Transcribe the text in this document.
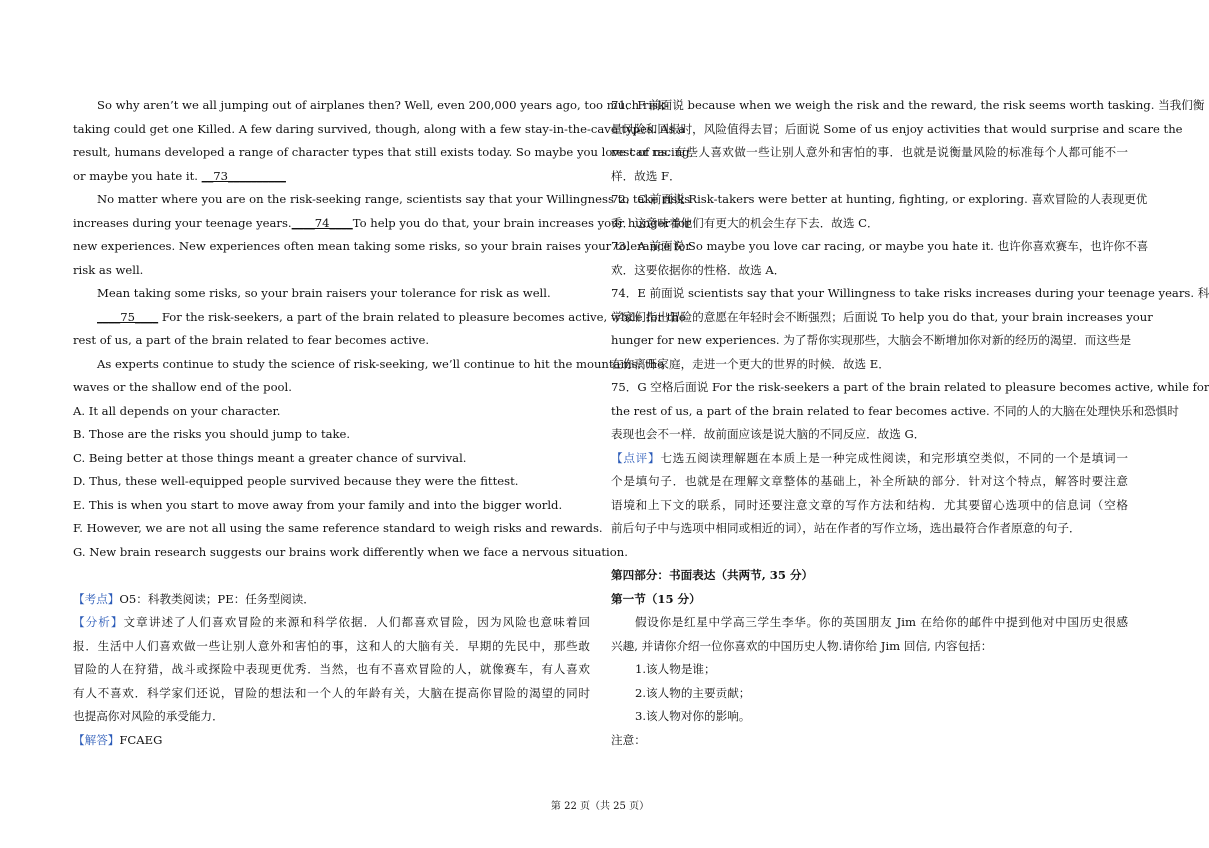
So why aren’t we all jumping out of airplanes then? Well, even 200,000 years ago, too much risk-
taking could get one Killed. A few daring survived, though, along with a few stay-in-the-cave types. As a
result, humans developed a range of character types that still exists today. So maybe you love car racing,
or maybe you hate it. __73__________
No matter where you are on the risk-seeking range, scientists say that your Willingness to take risks
increases during your teenage years.____74____To help you do that, your brain increases your hunger for
new experiences. New experiences often mean taking some risks, so your brain raises your tolerance for
risk as well.
Mean taking some risks, so your brain raisers your tolerance for risk as well.
____75____ For the risk-seekers, a part of the brain related to pleasure becomes active, while for the
rest of us, a part of the brain related to fear becomes active.
As experts continue to study the science of risk-seeking, we’ll continue to hit the mountains, the
waves or the shallow end of the pool.
A. It all depends on your character.
B. Those are the risks you should jump to take.
C. Being better at those things meant a greater chance of survival.
D. Thus, these well-equipped people survived because they were the fittest.
E. This is when you start to move away from your family and into the bigger world.
F. However, we are not all using the same reference standard to weigh risks and rewards.
G. New brain research suggests our brains work differently when we face a nervous situation.
【考点】O5：科教类阅读；PE：任务型阅读．
【分析】文章讲述了人们喜欢冒险的来源和科学依据．人们都喜欢冒险，因为风险也意味着回
报．生活中人们喜欢做一些让别人意外和害怕的事，这和人的大脑有关．早期的先民中，那些敢
冒险的人在狩猎，战斗或探险中表现更优秀．当然，也有不喜欢冒险的人，就像赛车，有人喜欢
有人不喜欢．科学家们还说，冒险的想法和一个人的年龄有关，大脑在提高你冒险的渴望的同时
也提高你对风险的承受能力．
【解答】FCAEG
71．F 前面说 because when we weigh the risk and the reward, the risk seems worth tasking. 当我们衡
量风险和回报时，风险值得去冒；后面说 Some of us enjoy activities that would surprise and scare the
rest of us. 有些人喜欢做一些让别人意外和害怕的事．也就是说衡量风险的标准每个人都可能不一
样．故选 F．
72．C 前面说 Risk-takers were better at hunting, fighting, or exploring. 喜欢冒险的人表现更优
秀．这意味着他们有更大的机会生存下去．故选 C．
73．A 前面说 So maybe you love car racing, or maybe you hate it. 也许你喜欢赛车，也许你不喜
欢．这要依据你的性格．故选 A．
74．E 前面说 scientists say that your Willingness to take risks increases during your teenage years. 科
学家们指出冒险的意愿在年轻时会不断强烈；后面说 To help you do that, your brain increases your
hunger for new experiences. 为了帮你实现那些，大脑会不断增加你对新的经历的渴望．而这些是
在你离开家庭，走进一个更大的世界的时候．故选 E．
75．G 空格后面说 For the risk-seekers a part of the brain related to pleasure becomes active, while for
the rest of us, a part of the brain related to fear becomes active. 不同的人的大脑在处理快乐和恐惧时
表现也会不一样．故前面应该是说大脑的不同反应．故选 G．
【点评】七选五阅读理解题在本质上是一种完成性阅读，和完形填空类似，不同的一个是填词一
个是填句子．也就是在理解文章整体的基础上，补全所缺的部分．针对这个特点，解答时要注意
语境和上下文的联系，同时还要注意文章的写作方法和结构．尤其要留心选项中的信息词（空格
前后句子中与选项中相同或相近的词），站在作者的写作立场，选出最符合作者原意的句子．
第四部分：书面表达（共两节, 35 分）
第一节（15 分）
假设你是红星中学高三学生李华。你的英国朋友 Jim 在给你的邮件中提到他对中国历史很感
兴趣, 并请你介绍一位你喜欢的中国历史人物.请你给 Jim 回信, 内容包括：
1.该人物是谁；
2.该人物的主要贡献；
3.该人物对你的影响。
注意：
第 22 页（共 25 页）
